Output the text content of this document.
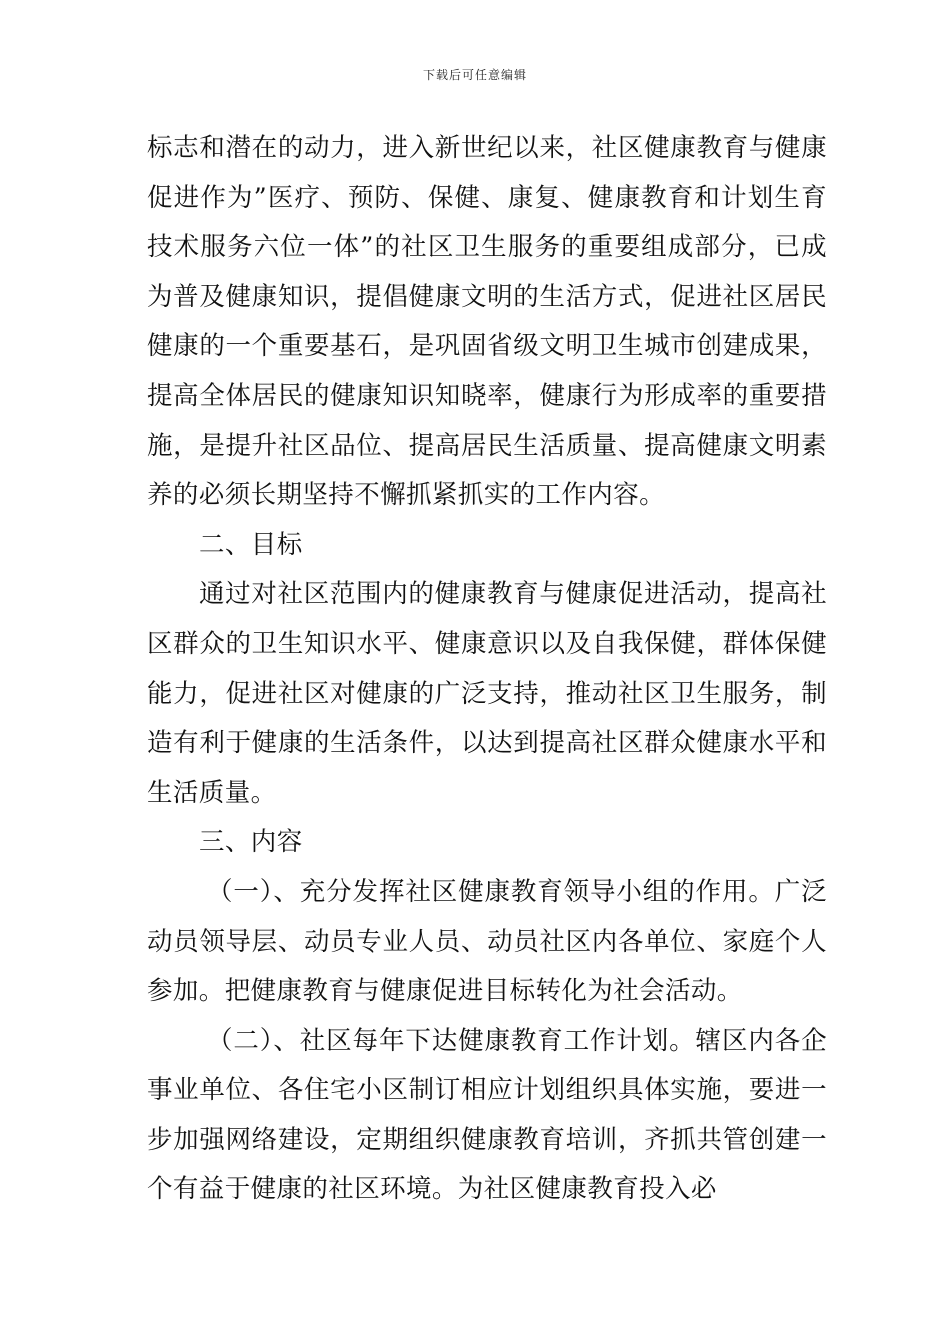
下载后可任意编辑

标志和潜在的动力，进入新世纪以来，社区健康教育与健康促进作为”医疗、预防、保健、康复、健康教育和计划生育技术服务六位一体”的社区卫生服务的重要组成部分，已成为普及健康知识，提倡健康文明的生活方式，促进社区居民健康的一个重要基石，是巩固省级文明卫生城市创建成果，提高全体居民的健康知识知晓率，健康行为形成率的重要措施，是提升社区品位、提高居民生活质量、提高健康文明素养的必须长期坚持不懈抓紧抓实的工作内容。

二、目标

通过对社区范围内的健康教育与健康促进活动，提高社区群众的卫生知识水平、健康意识以及自我保健，群体保健能力，促进社区对健康的广泛支持，推动社区卫生服务，制造有利于健康的生活条件，以达到提高社区群众健康水平和生活质量。

三、内容

（一）、充分发挥社区健康教育领导小组的作用。广泛动员领导层、动员专业人员、动员社区内各单位、家庭个人参加。把健康教育与健康促进目标转化为社会活动。

（二）、社区每年下达健康教育工作计划。辖区内各企事业单位、各住宅小区制订相应计划组织具体实施，要进一步加强网络建设，定期组织健康教育培训，齐抓共管创建一个有益于健康的社区环境。为社区健康教育投入必
